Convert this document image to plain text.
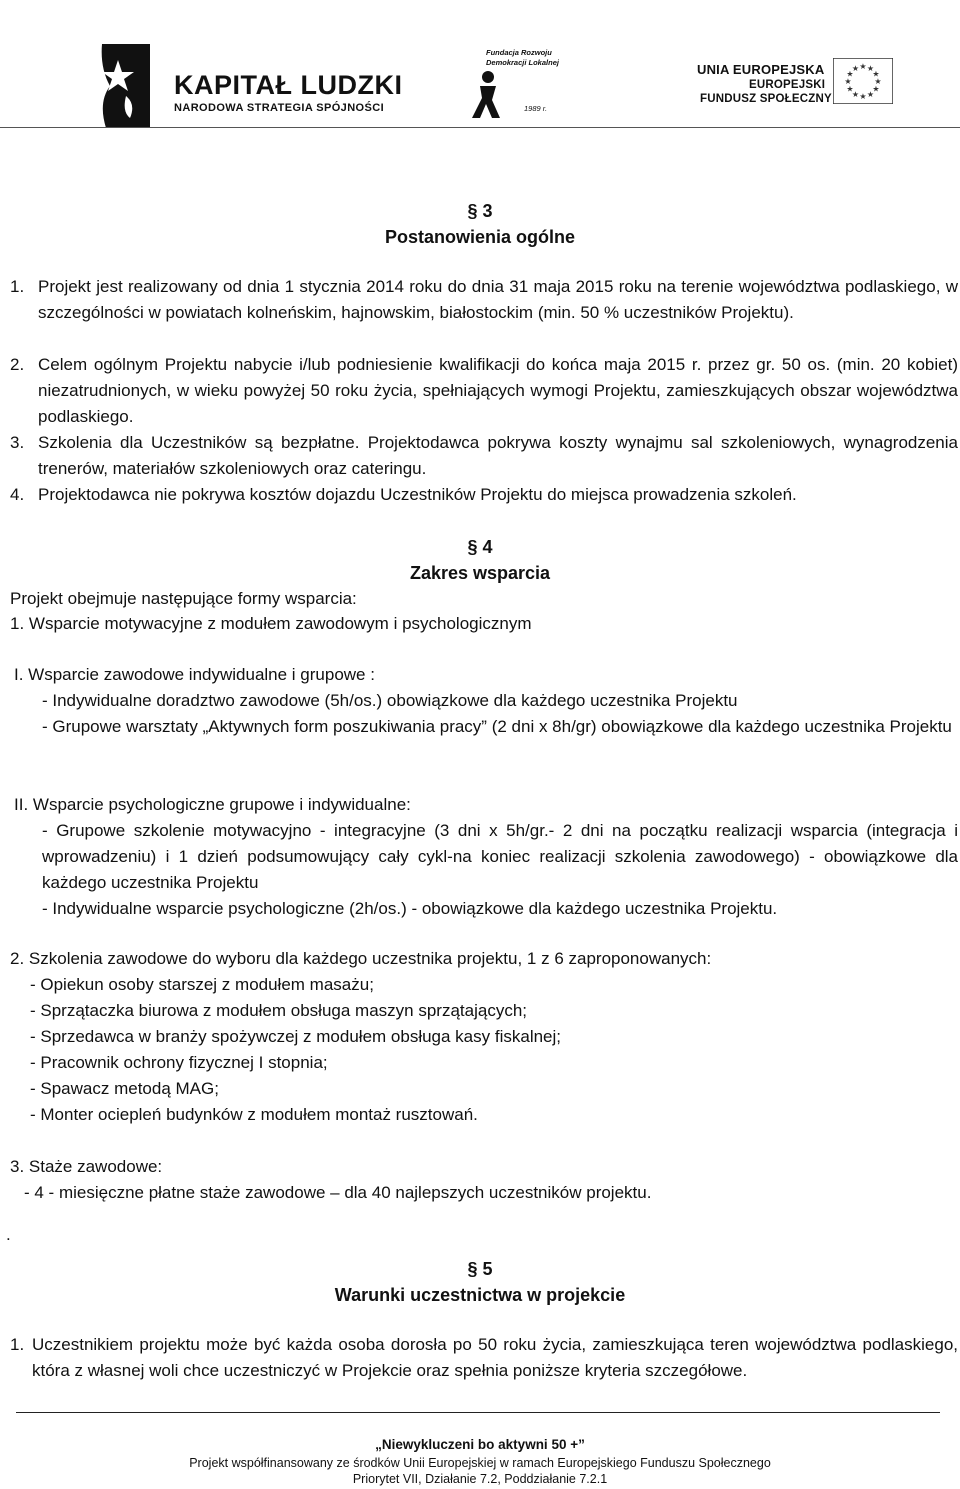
KAPITAŁ LUDZKI
NARODOWA STRATEGIA SPÓJNOŚCI
Fundacja Rozwoju
Demokracji Lokalnej
1989 r.
UNIA EUROPEJSKA
EUROPEJSKI
FUNDUSZ SPOŁECZNY
★ ★
★
★
★
★
★
★
★
★
★
★
§ 3
Postanowienia ogólne
1. Projekt jest realizowany od dnia 1 stycznia 2014 roku do dnia 31 maja 2015 roku na terenie województwa podlaskiego, w szczególności w powiatach kolneńskim, hajnowskim, białostockim (min. 50 % uczestników Projektu).
2. Celem ogólnym Projektu nabycie i/lub podniesienie kwalifikacji do końca maja 2015 r. przez gr. 50 os. (min. 20 kobiet) niezatrudnionych, w wieku powyżej 50 roku życia, spełniających wymogi Projektu, zamieszkujących obszar województwa podlaskiego.
3. Szkolenia dla Uczestników są bezpłatne. Projektodawca pokrywa koszty wynajmu sal szkoleniowych, wynagrodzenia trenerów, materiałów szkoleniowych oraz cateringu.
4. Projektodawca nie pokrywa kosztów dojazdu Uczestników Projektu do miejsca prowadzenia szkoleń.
§ 4
Zakres wsparcia
Projekt obejmuje następujące formy wsparcia:
1. Wsparcie motywacyjne z modułem zawodowym i psychologicznym
I. Wsparcie zawodowe indywidualne i grupowe :
- Indywidualne doradztwo zawodowe (5h/os.) obowiązkowe dla każdego uczestnika Projektu
- Grupowe warsztaty „Aktywnych form poszukiwania pracy” (2 dni x 8h/gr) obowiązkowe dla każdego uczestnika Projektu
II. Wsparcie psychologiczne grupowe i indywidualne:
- Grupowe szkolenie motywacyjno - integracyjne (3 dni x 5h/gr.- 2 dni na początku realizacji wsparcia (integracja i wprowadzeniu) i 1 dzień podsumowujący cały cykl-na koniec realizacji szkolenia zawodowego) - obowiązkowe dla każdego uczestnika Projektu
- Indywidualne wsparcie psychologiczne (2h/os.) - obowiązkowe dla każdego uczestnika Projektu.
2. Szkolenia zawodowe do wyboru dla każdego uczestnika projektu, 1 z 6 zaproponowanych:
- Opiekun osoby starszej z modułem masażu;
- Sprzątaczka biurowa z modułem obsługa maszyn sprzątających;
- Sprzedawca w branży spożywczej z modułem obsługa kasy fiskalnej;
- Pracownik ochrony fizycznej I stopnia;
- Spawacz metodą MAG;
- Monter ociepleń budynków z modułem montaż rusztowań.
3. Staże zawodowe:
- 4 - miesięczne płatne staże zawodowe – dla 40 najlepszych uczestników projektu.
.
§ 5
Warunki uczestnictwa w projekcie
1. Uczestnikiem projektu może być każda osoba dorosła po 50 roku życia, zamieszkująca teren województwa podlaskiego, która z własnej woli chce uczestniczyć w Projekcie oraz spełnia poniższe kryteria szczegółowe.
„Niewykluczeni bo aktywni 50 +”
Projekt współfinansowany ze środków Unii Europejskiej w ramach Europejskiego Funduszu Społecznego
Priorytet VII, Działanie 7.2, Poddziałanie 7.2.1
